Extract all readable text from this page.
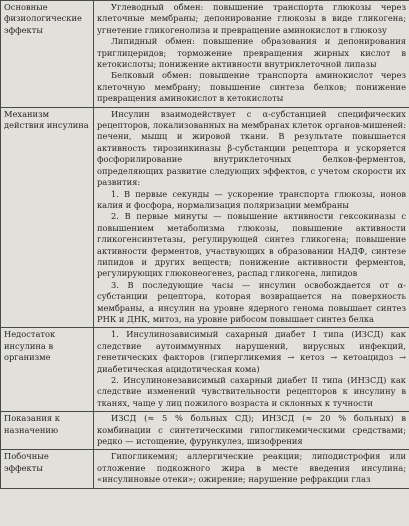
Основные физиологические эффекты	Углеводный обмен: повышение транспорта глюкозы через клеточные мембраны; депонирование глюкозы в виде гликогена; угнетение гликогенолиза и превращение аминокислот в глюкозу

Липидный обмен: повышение образования и депонирования триглицеридов; торможение превращения жирных кислот в кетокислоты; понижение активности внутриклеточной липазы

Белковый обмен: повышение транспорта аминокислот через клеточную мембрану; повышение синтеза белков; понижение превращения аминокислот в кетокислоты

Механизм действия инсулина	Инсулин взаимодействует с α-субстанцией специфических рецепторов, локализованных на мембранах клеток органов-мишеней: печени, мышц и жировой ткани. В результате повышается активность тирозинкиназы β-субстанции рецептора и ускоряется фосфорилирование внутриклеточных белков-ферментов, определяющих развитие следующих эффектов, с учетом скорости их развития:

1. В первые секунды — ускорение транспорта глюкозы, ионов калия и фосфора, нормализация поляризации мембраны

2. В первые минуты — повышение активности гексокиназы с повышением метаболизма глюкозы, повышение активности гликогенсинтетазы, регулирующей синтез гликогена; повышение активности ферментов, участвующих в образовании НАДФ, синтезе липидов и других веществ; понижение активности ферментов, регулирующих глюконеогенез, распад гликогена, липидов

3. В последующие часы — инсулин освобождается от α-субстанции рецептора, которая возвращается на поверхность мембраны, а инсулин на уровне ядерного генома повышает синтез РНК и ДНК, митоз, на уровне рибосом повышает синтез белка

Недостаток инсулина в организме	1. Инсулинозависимый сахарный диабет I типа (ИЗСД) как следствие аутоиммунных нарушений, вирусных инфекций, генетических факторов (гипергликемия → кетоз → кетоацидоз → диабетическая ацидотическая кома)

2. Инсулинонезависимый сахарный диабет II типа (ИНЗСД) как следствие изменений чувствительности рецепторов к инсулину в тканях, чаще у лиц пожилого возраста и склонных к тучности

Показания к назначению	ИЗСД (≈ 5 % больных СД); ИНЗСД (≈ 20 % больных) в комбинации с синтетическими гипогликемическими средствами; редко — истощение, фурункулез, шизофрения

Побочные эффекты	Гипогликемия; аллергические реакции; липодистрофия или отложение подкожного жира в месте введения инсулина; «инсулиновые отеки»; ожирение; нарушение рефракции глаз
